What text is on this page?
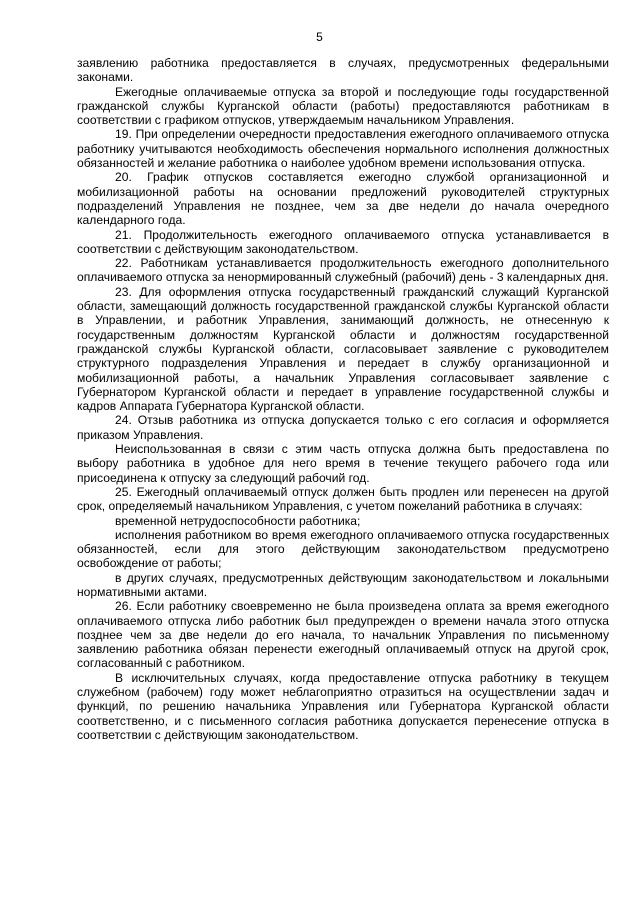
5

заявлению работника предоставляется в случаях, предусмотренных федеральными законами.

Ежегодные оплачиваемые отпуска за второй и последующие годы государственной гражданской службы Курганской области (работы) предоставляются работникам в соответствии с графиком отпусков, утверждаемым начальником Управления.

19. При определении очередности предоставления ежегодного оплачиваемого отпуска работнику учитываются необходимость обеспечения нормального исполнения должностных обязанностей и желание работника о наиболее удобном времени использования отпуска.

20. График отпусков составляется ежегодно службой организационной и мобилизационной работы на основании предложений руководителей структурных подразделений Управления не позднее, чем за две недели до начала очередного календарного года.

21. Продолжительность ежегодного оплачиваемого отпуска устанавливается в соответствии с действующим законодательством.

22. Работникам устанавливается продолжительность ежегодного дополнительного оплачиваемого отпуска за ненормированный служебный (рабочий) день - 3 календарных дня.

23. Для оформления отпуска государственный гражданский служащий Курганской области, замещающий должность государственной гражданской службы Курганской области в Управлении, и работник Управления, занимающий должность, не отнесенную к государственным должностям Курганской области и должностям государственной гражданской службы Курганской области, согласовывает заявление с руководителем структурного подразделения Управления и передает в службу организационной и мобилизационной работы, а начальник Управления согласовывает заявление с Губернатором Курганской области и передает в управление государственной службы и кадров Аппарата Губернатора Курганской области.

24. Отзыв работника из отпуска допускается только с его согласия и оформляется приказом Управления.

Неиспользованная в связи с этим часть отпуска должна быть предоставлена по выбору работника в удобное для него время в течение текущего рабочего года или присоединена к отпуску за следующий рабочий год.

25. Ежегодный оплачиваемый отпуск должен быть продлен или перенесен на другой срок, определяемый начальником Управления, с учетом пожеланий работника в случаях:

временной нетрудоспособности работника;

исполнения работником во время ежегодного оплачиваемого отпуска государственных обязанностей, если для этого действующим законодательством предусмотрено освобождение от работы;

в других случаях, предусмотренных действующим законодательством и локальными нормативными актами.

26. Если работнику своевременно не была произведена оплата за время ежегодного оплачиваемого отпуска либо работник был предупрежден о времени начала этого отпуска позднее чем за две недели до его начала, то начальник Управления по письменному заявлению работника обязан перенести ежегодный оплачиваемый отпуск на другой срок, согласованный с работником.

В исключительных случаях, когда предоставление отпуска работнику в текущем служебном (рабочем) году может неблагоприятно отразиться на осуществлении задач и функций, по решению начальника Управления или Губернатора Курганской области соответственно, и с письменного согласия работника допускается перенесение отпуска в соответствии с действующим законодательством.
